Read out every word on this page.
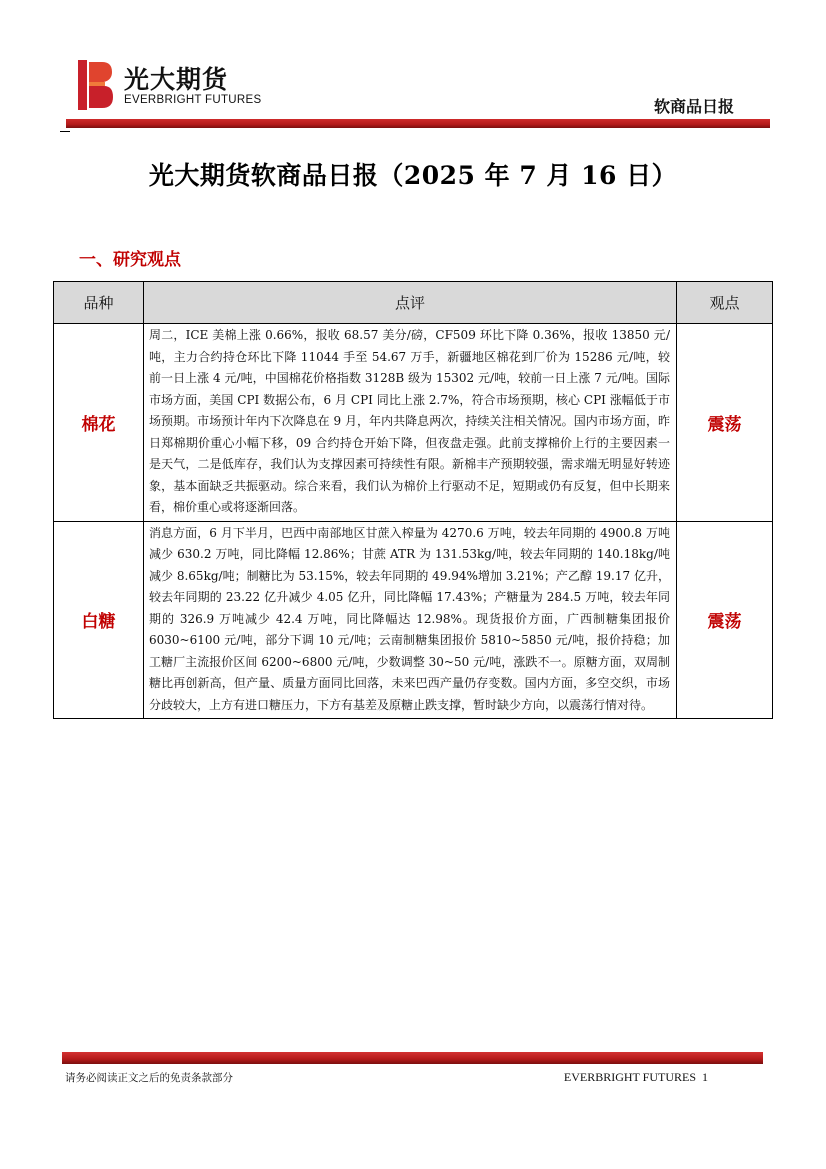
光大期货
EVERBRIGHT FUTURES	软商品日报
光大期货软商品日报（2025 年 7 月 16 日）
一、研究观点
品种	点评	观点
棉花	周二，ICE 美棉上涨 0.66%，报收 68.57 美分/磅，CF509 环比下降 0.36%，报收 13850 元/吨，主力合约持仓环比下降 11044 手至 54.67 万手，新疆地区棉花到厂价为 15286 元/吨，较前一日上涨 4 元/吨，中国棉花价格指数 3128B 级为 15302 元/吨，较前一日上涨 7 元/吨。国际市场方面，美国 CPI 数据公布，6 月 CPI 同比上涨 2.7%，符合市场预期，核心 CPI 涨幅低于市场预期。市场预计年内下次降息在 9 月，年内共降息两次，持续关注相关情况。国内市场方面，昨日郑棉期价重心小幅下移，09 合约持仓开始下降，但夜盘走强。此前支撑棉价上行的主要因素一是天气，二是低库存，我们认为支撑因素可持续性有限。新棉丰产预期较强，需求端无明显好转迹象，基本面缺乏共振驱动。综合来看，我们认为棉价上行驱动不足，短期或仍有反复，但中长期来看，棉价重心或将逐渐回落。	震荡
白糖	消息方面，6 月下半月，巴西中南部地区甘蔗入榨量为 4270.6 万吨，较去年同期的 4900.8 万吨减少 630.2 万吨，同比降幅 12.86%；甘蔗 ATR 为 131.53kg/吨，较去年同期的 140.18kg/吨减少 8.65kg/吨；制糖比为 53.15%，较去年同期的 49.94%增加 3.21%；产乙醇 19.17 亿升，较去年同期的 23.22 亿升减少 4.05 亿升，同比降幅 17.43%；产糖量为 284.5 万吨，较去年同期的 326.9 万吨减少 42.4 万吨，同比降幅达 12.98%。现货报价方面，广西制糖集团报价 6030~6100 元/吨，部分下调 10 元/吨；云南制糖集团报价 5810~5850 元/吨，报价持稳；加工糖厂主流报价区间 6200~6800 元/吨，少数调整 30~50 元/吨，涨跌不一。原糖方面，双周制糖比再创新高，但产量、质量方面同比回落，未来巴西产量仍存变数。国内方面，多空交织，市场分歧较大，上方有进口糖压力，下方有基差及原糖止跌支撑，暂时缺少方向，以震荡行情对待。	震荡
请务必阅读正文之后的免责条款部分	EVERBRIGHT FUTURES 1
